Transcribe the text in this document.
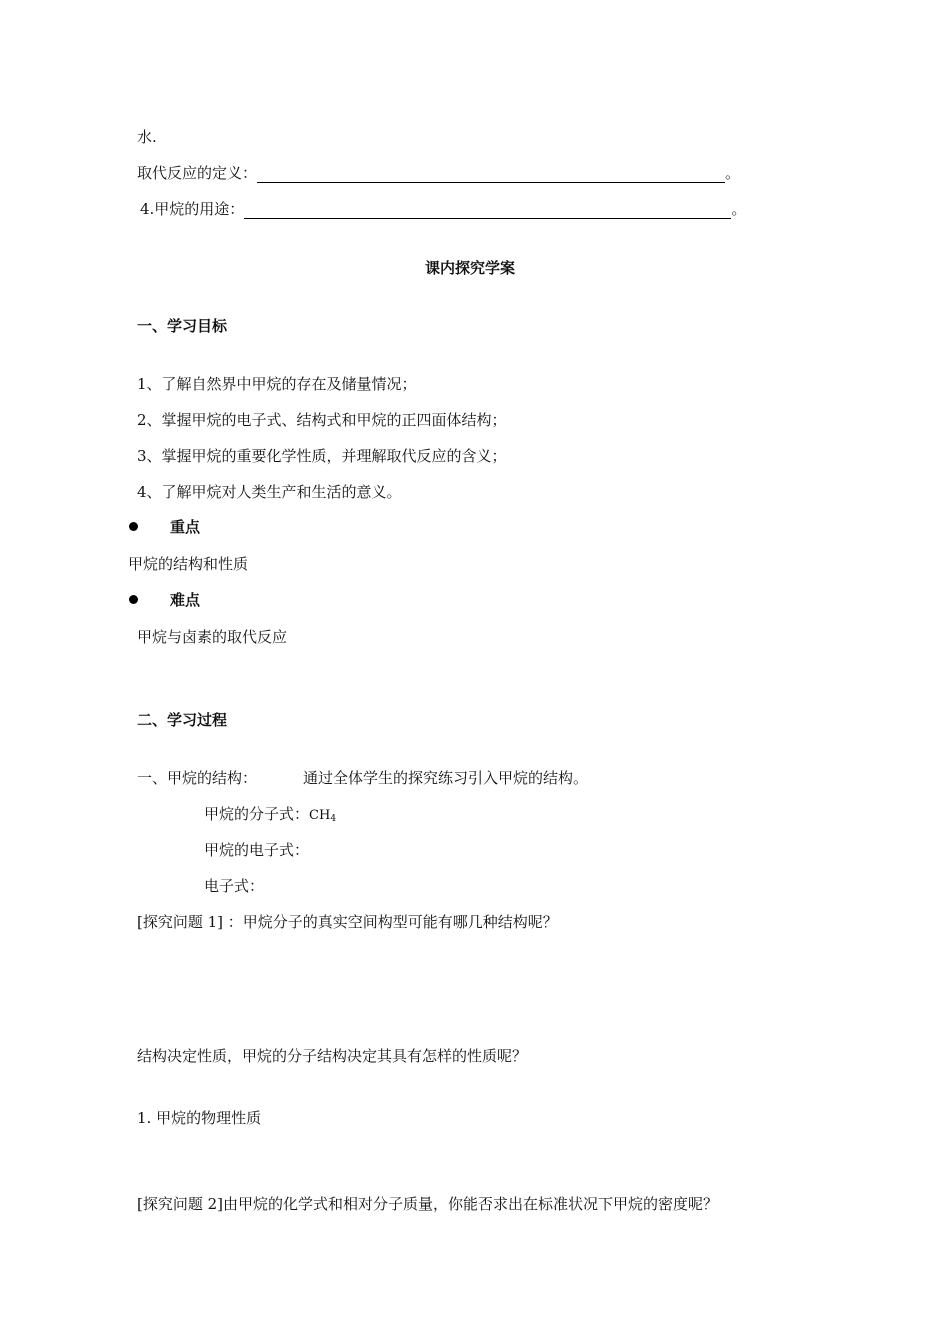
水.
取代反应的定义：	。
4.甲烷的用途：	。
课内探究学案
一、学习目标
1、了解自然界中甲烷的存在及储量情况；
2、掌握甲烷的电子式、结构式和甲烷的正四面体结构；
3、掌握甲烷的重要化学性质，并理解取代反应的含义；
4、了解甲烷对人类生产和生活的意义。
重点
甲烷的结构和性质
难点
甲烷与卤素的取代反应
二、学习过程
一、甲烷的结构：	通过全体学生的探究练习引入甲烷的结构。
甲烷的分子式：$CH_4$
甲烷的电子式：
电子式：
[探究问题 1] ：甲烷分子的真实空间构型可能有哪几种结构呢？
结构决定性质，甲烷的分子结构决定其具有怎样的性质呢？
1. 甲烷的物理性质
[探究问题 2]由甲烷的化学式和相对分子质量，你能否求出在标准状况下甲烷的密度呢？
